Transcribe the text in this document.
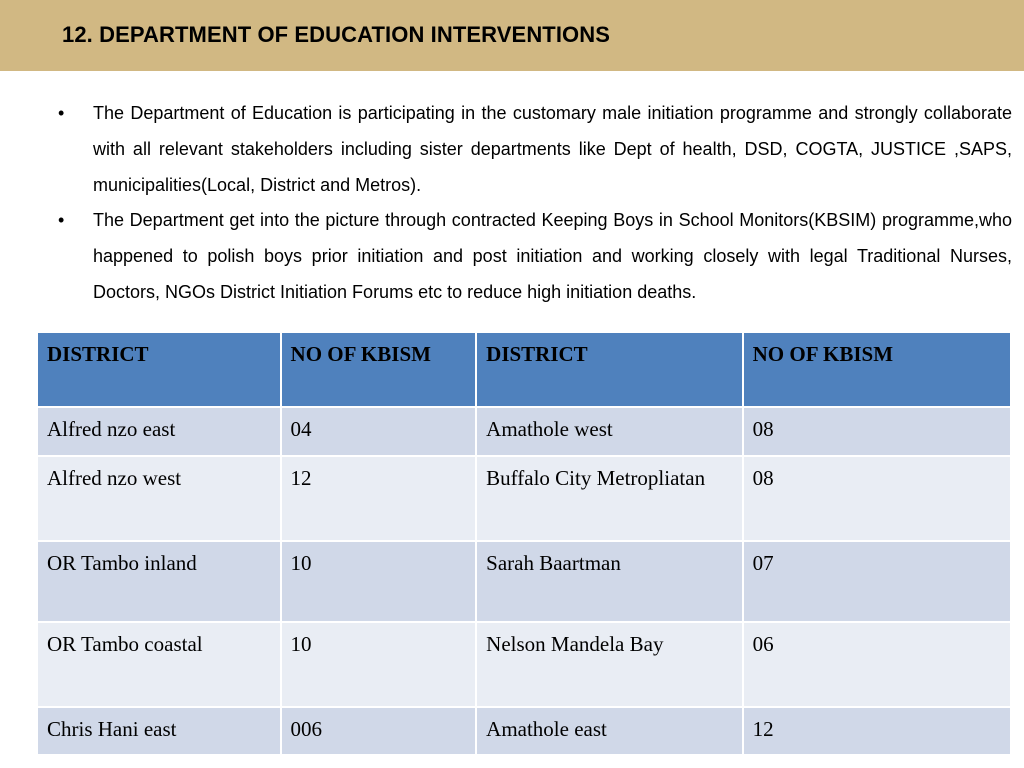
12. DEPARTMENT OF EDUCATION INTERVENTIONS
• The Department of Education is participating in the customary male initiation programme and strongly collaborate with all relevant stakeholders including sister departments like Dept of health, DSD, COGTA, JUSTICE ,SAPS, municipalities(Local, District and Metros).
• The Department get into the picture through contracted Keeping Boys in School Monitors(KBSIM) programme,who happened to polish boys prior initiation and post initiation and working closely with legal Traditional Nurses, Doctors, NGOs District Initiation Forums etc to reduce high initiation deaths.
DISTRICT	NO OF KBISM	DISTRICT	NO OF KBISM
Alfred nzo east	04	Amathole west	08
Alfred nzo west	12	Buffalo City Metropliatan	08
OR Tambo inland	10	Sarah Baartman	07
OR Tambo coastal	10	Nelson Mandela Bay	06
Chris Hani east	006	Amathole east	12
